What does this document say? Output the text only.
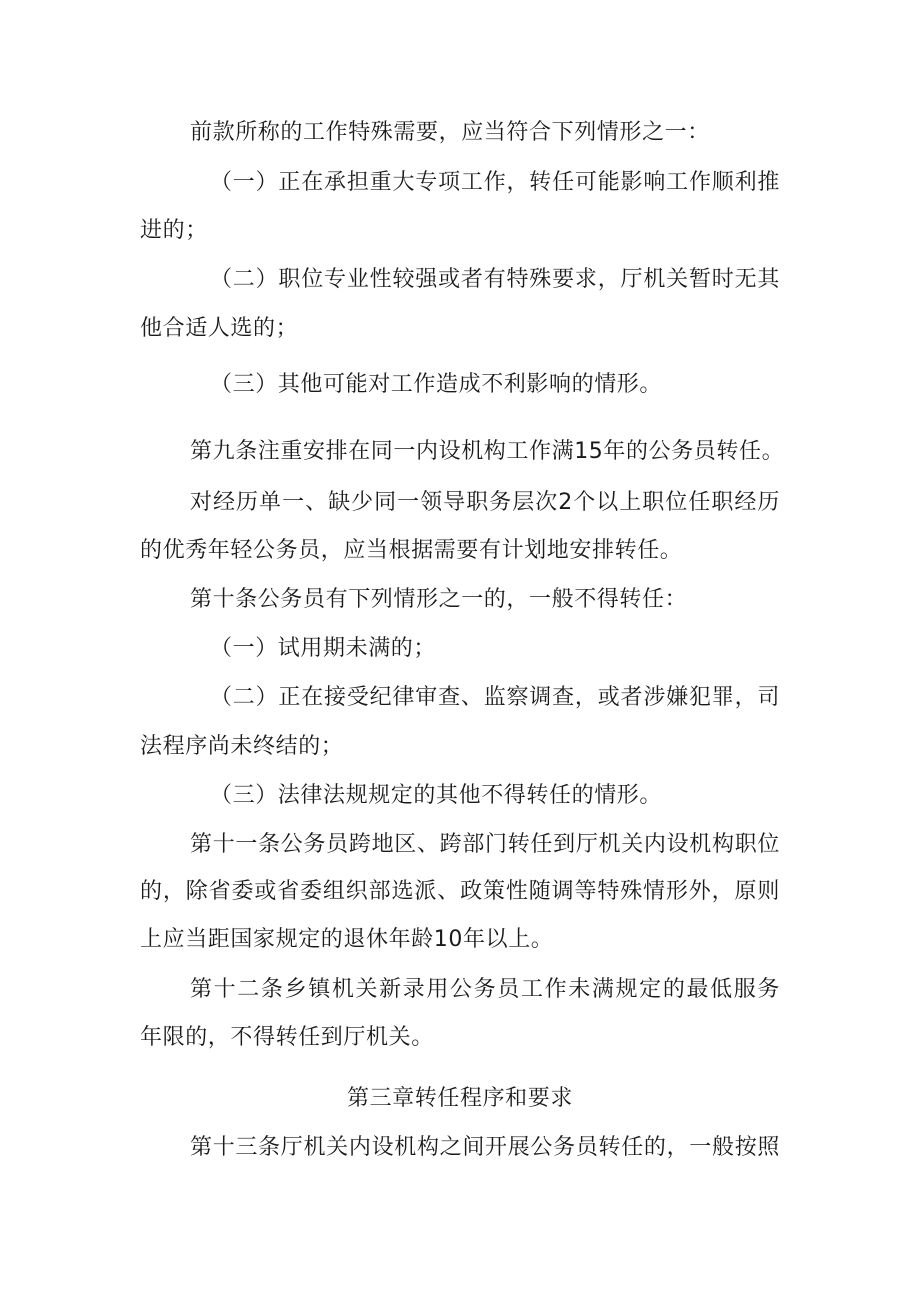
前款所称的工作特殊需要，应当符合下列情形之一：
（一）正在承担重大专项工作，转任可能影响工作顺利推
进的；
（二）职位专业性较强或者有特殊要求，厅机关暂时无其
他合适人选的；
（三）其他可能对工作造成不利影响的情形。
第九条注重安排在同一内设机构工作满15年的公务员转任。
对经历单一、缺少同一领导职务层次2个以上职位任职经历
的优秀年轻公务员，应当根据需要有计划地安排转任。
第十条公务员有下列情形之一的，一般不得转任：
（一）试用期未满的；
（二）正在接受纪律审查、监察调查，或者涉嫌犯罪，司
法程序尚未终结的；
（三）法律法规规定的其他不得转任的情形。
第十一条公务员跨地区、跨部门转任到厅机关内设机构职位
的，除省委或省委组织部选派、政策性随调等特殊情形外，原则
上应当距国家规定的退休年龄10年以上。
第十二条乡镇机关新录用公务员工作未满规定的最低服务
年限的，不得转任到厅机关。
第三章转任程序和要求
第十三条厅机关内设机构之间开展公务员转任的，一般按照
